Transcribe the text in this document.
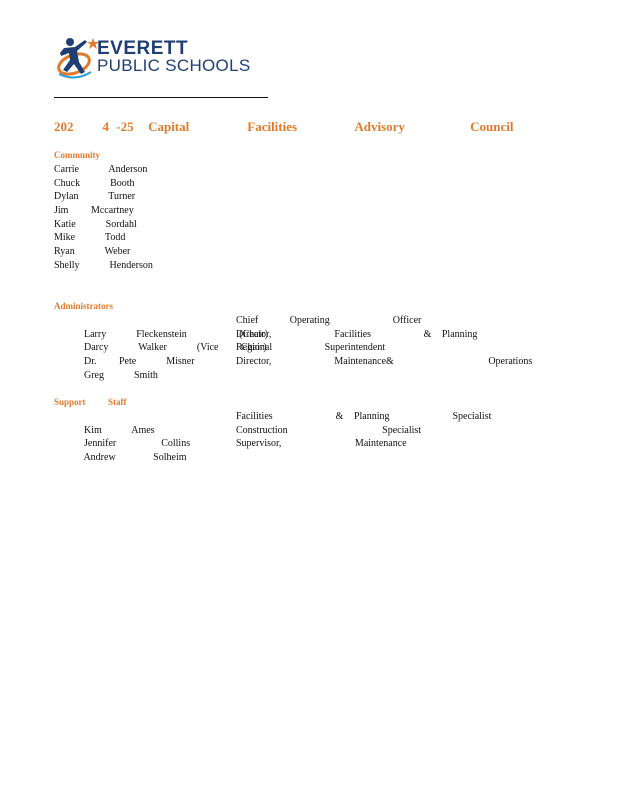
EVERETT
PUBLIC SCHOOLS
202    4 -25  Capital        Facilities        Advisory         Council
Community
Carrie    Anderson
Chuck    Booth
Dylan    Turner
Jim   Mccartney
Katie    Sordahl
Mike    Todd
Ryan    Weber
Shelly    Henderson
Administrators

Larry    Fleckenstein       (Chair)

Chief   Operating      Officer

Darcy    Walker    (Vice   Chair)

Director,      Facilities     & Planning

Dr.   Pete    Misner

Regional     Superintendent

Greg    Smith

Director,      Maintenance&         Operations

Support          Staff

Kim    Ames

Facilities      & Planning      Specialist

Jennifer      Collins

Construction         Specialist

Andrew     Solheim

Supervisor,       Maintenance
